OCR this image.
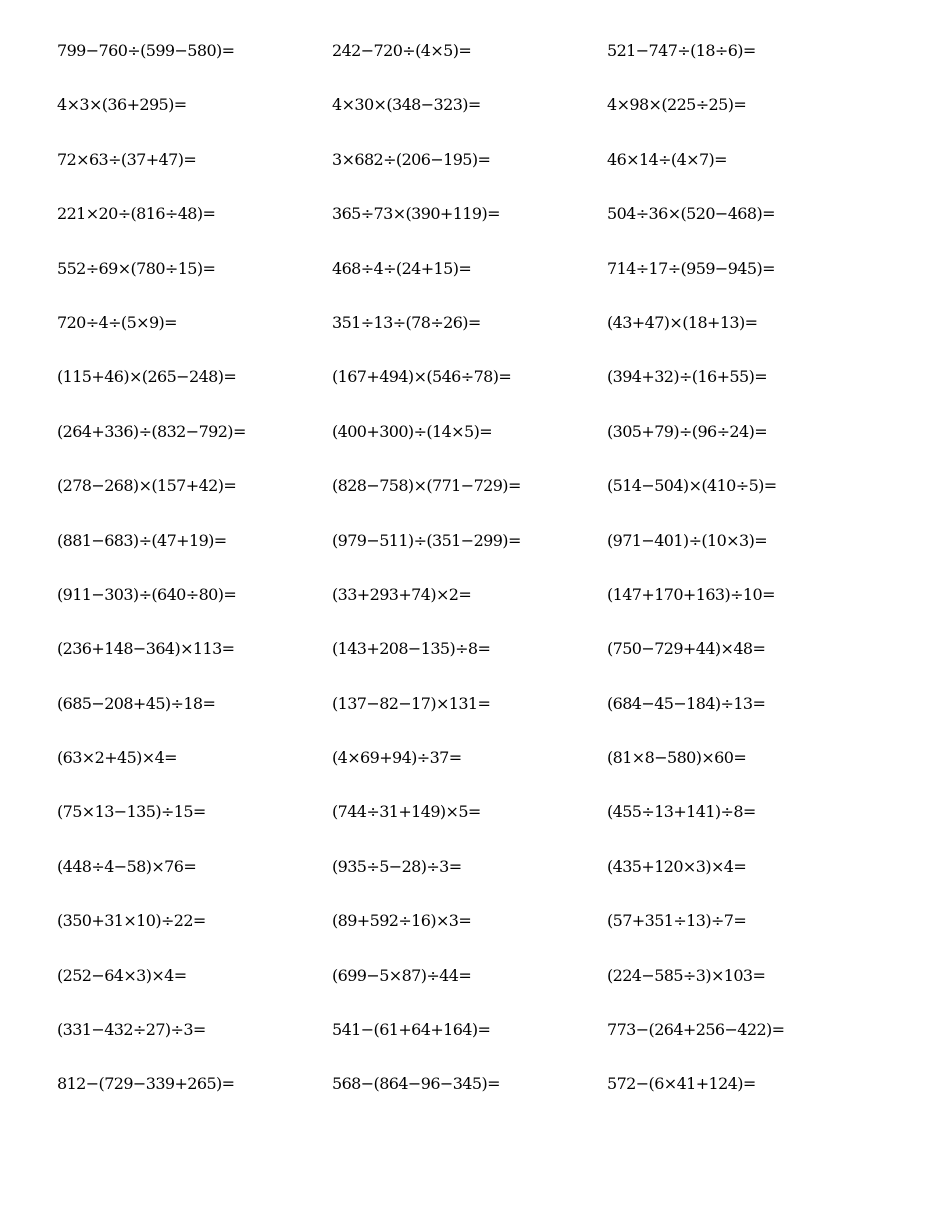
799−760÷(599−580)=	242−720÷(4×5)=	521−747÷(18÷6)=
4×3×(36+295)=	4×30×(348−323)=	4×98×(225÷25)=
72×63÷(37+47)=	3×682÷(206−195)=	46×14÷(4×7)=
221×20÷(816÷48)=	365÷73×(390+119)=	504÷36×(520−468)=
552÷69×(780÷15)=	468÷4÷(24+15)=	714÷17÷(959−945)=
720÷4÷(5×9)=	351÷13÷(78÷26)=	(43+47)×(18+13)=
(115+46)×(265−248)=	(167+494)×(546÷78)=	(394+32)÷(16+55)=
(264+336)÷(832−792)=	(400+300)÷(14×5)=	(305+79)÷(96÷24)=
(278−268)×(157+42)=	(828−758)×(771−729)=	(514−504)×(410÷5)=
(881−683)÷(47+19)=	(979−511)÷(351−299)=	(971−401)÷(10×3)=
(911−303)÷(640÷80)=	(33+293+74)×2=	(147+170+163)÷10=
(236+148−364)×113=	(143+208−135)÷8=	(750−729+44)×48=
(685−208+45)÷18=	(137−82−17)×131=	(684−45−184)÷13=
(63×2+45)×4=	(4×69+94)÷37=	(81×8−580)×60=
(75×13−135)÷15=	(744÷31+149)×5=	(455÷13+141)÷8=
(448÷4−58)×76=	(935÷5−28)÷3=	(435+120×3)×4=
(350+31×10)÷22=	(89+592÷16)×3=	(57+351÷13)÷7=
(252−64×3)×4=	(699−5×87)÷44=	(224−585÷3)×103=
(331−432÷27)÷3=	541−(61+64+164)=	773−(264+256−422)=
812−(729−339+265)=	568−(864−96−345)=	572−(6×41+124)=
